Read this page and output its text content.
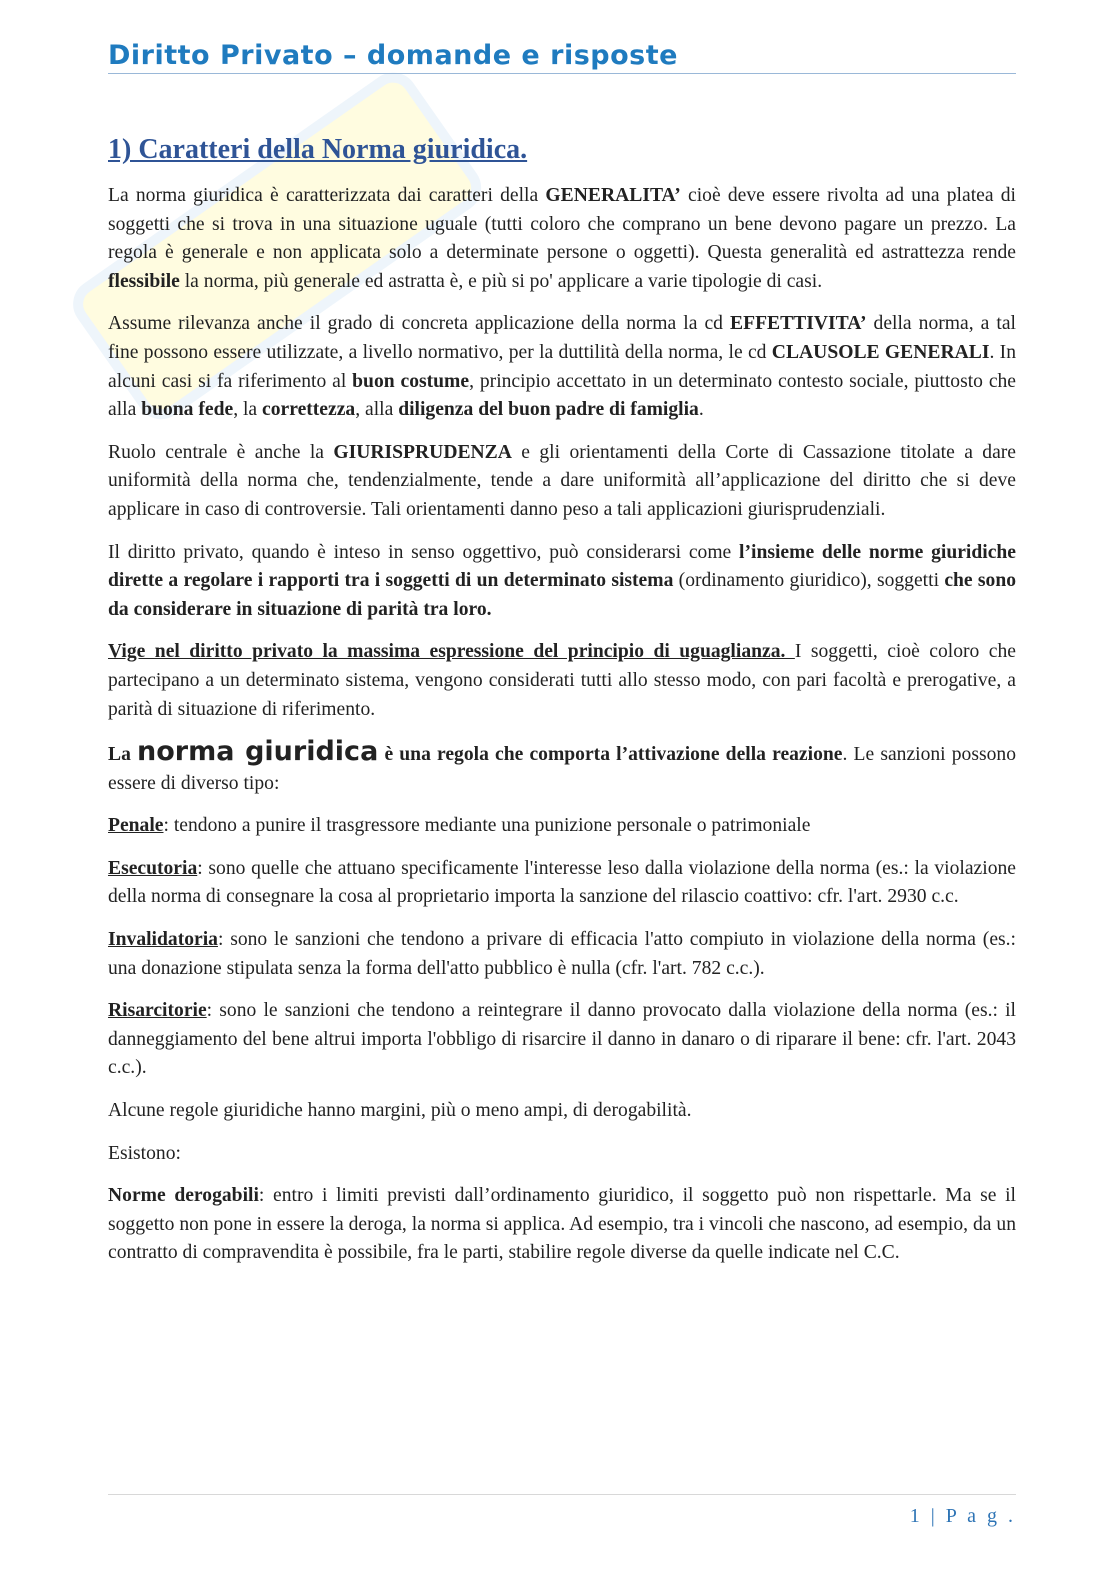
Diritto Privato – domande e risposte
1) Caratteri della Norma giuridica.

La norma giuridica è caratterizzata dai caratteri della GENERALITA’ cioè deve essere rivolta ad una platea di soggetti che si trova in una situazione uguale (tutti coloro che comprano un bene devono pagare un prezzo. La regola è generale e non applicata solo a determinate persone o oggetti). Questa generalità ed astrattezza rende flessibile la norma, più generale ed astratta è, e più si po' applicare a varie tipologie di casi.

Assume rilevanza anche il grado di concreta applicazione della norma la cd EFFETTIVITA’ della norma, a tal fine possono essere utilizzate, a livello normativo, per la duttilità della norma, le cd CLAUSOLE GENERALI. In alcuni casi si fa riferimento al buon costume, principio accettato in un determinato contesto sociale, piuttosto che alla buona fede, la correttezza, alla diligenza del buon padre di famiglia.

Ruolo centrale è anche la GIURISPRUDENZA e gli orientamenti della Corte di Cassazione titolate a dare uniformità della norma che, tendenzialmente, tende a dare uniformità all’applicazione del diritto che si deve applicare in caso di controversie. Tali orientamenti danno peso a tali applicazioni giurisprudenziali.

Il diritto privato, quando è inteso in senso oggettivo, può considerarsi come l’insieme delle norme giuridiche dirette a regolare i rapporti tra i soggetti di un determinato sistema (ordinamento giuridico), soggetti che sono da considerare in situazione di parità tra loro.

Vige nel diritto privato la massima espressione del principio di uguaglianza. I soggetti, cioè coloro che partecipano a un determinato sistema, vengono considerati tutti allo stesso modo, con pari facoltà e prerogative, a parità di situazione di riferimento.

La norma giuridica è una regola che comporta l’attivazione della reazione. Le sanzioni possono essere di diverso tipo:

Penale: tendono a punire il trasgressore mediante una punizione personale o patrimoniale

Esecutoria: sono quelle che attuano specificamente l'interesse leso dalla violazione della norma (es.: la violazione della norma di consegnare la cosa al proprietario importa la sanzione del rilascio coattivo: cfr. l'art. 2930 c.c.

Invalidatoria: sono le sanzioni che tendono a privare di efficacia l'atto compiuto in violazione della norma (es.: una donazione stipulata senza la forma dell'atto pubblico è nulla (cfr. l'art. 782 c.c.).

Risarcitorie: sono le sanzioni che tendono a reintegrare il danno provocato dalla violazione della norma (es.: il danneggiamento del bene altrui importa l'obbligo di risarcire il danno in danaro o di riparare il bene: cfr. l'art. 2043 c.c.).

Alcune regole giuridiche hanno margini, più o meno ampi, di derogabilità.

Esistono:

Norme derogabili: entro i limiti previsti dall’ordinamento giuridico, il soggetto può non rispettarle. Ma se il soggetto non pone in essere la deroga, la norma si applica. Ad esempio, tra i vincoli che nascono, ad esempio, da un contratto di compravendita è possibile, fra le parti, stabilire regole diverse da quelle indicate nel C.C.

1 | P a g .
